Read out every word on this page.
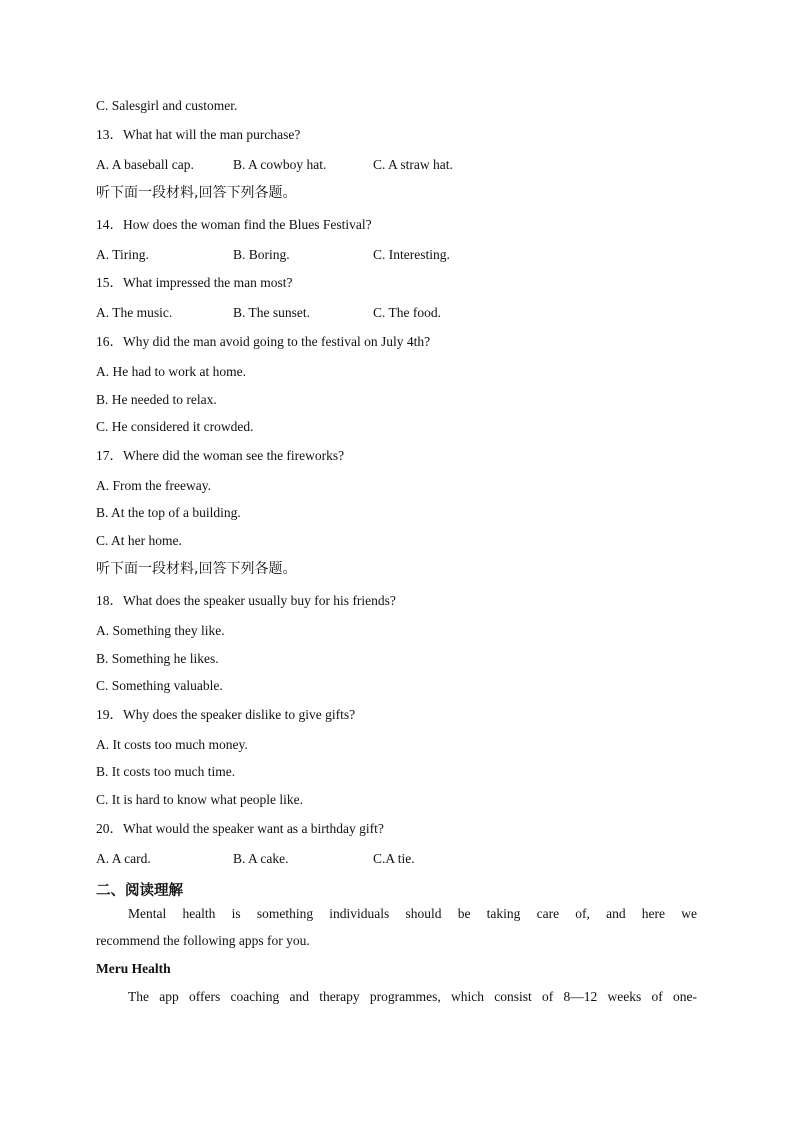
C. Salesgirl and customer.
13．What hat will the man purchase?
A. A baseball cap.	B. A cowboy hat.	C. A straw hat.
听下面一段材料,回答下列各题。
14．How does the woman find the Blues Festival?
A. Tiring.	B. Boring.	C. Interesting.
15．What impressed the man most?
A. The music.	B. The sunset.	C. The food.
16．Why did the man avoid going to the festival on July 4th?
A. He had to work at home.
B. He needed to relax.
C. He considered it crowded.
17．Where did the woman see the fireworks?
A. From the freeway.
B. At the top of a building.
C. At her home.
听下面一段材料,回答下列各题。
18．What does the speaker usually buy for his friends?
A. Something they like.
B. Something he likes.
C. Something valuable.
19．Why does the speaker dislike to give gifts?
A. It costs too much money.
B. It costs too much time.
C. It is hard to know what people like.
20．What would the speaker want as a birthday gift?
A. A card.	B. A cake.	C.A tie.
二、阅读理解
Mental health is something individuals should be taking care of, and here we
recommend the following apps for you.
Meru Health
The app offers coaching and therapy programmes, which consist of 8—12 weeks of one-
